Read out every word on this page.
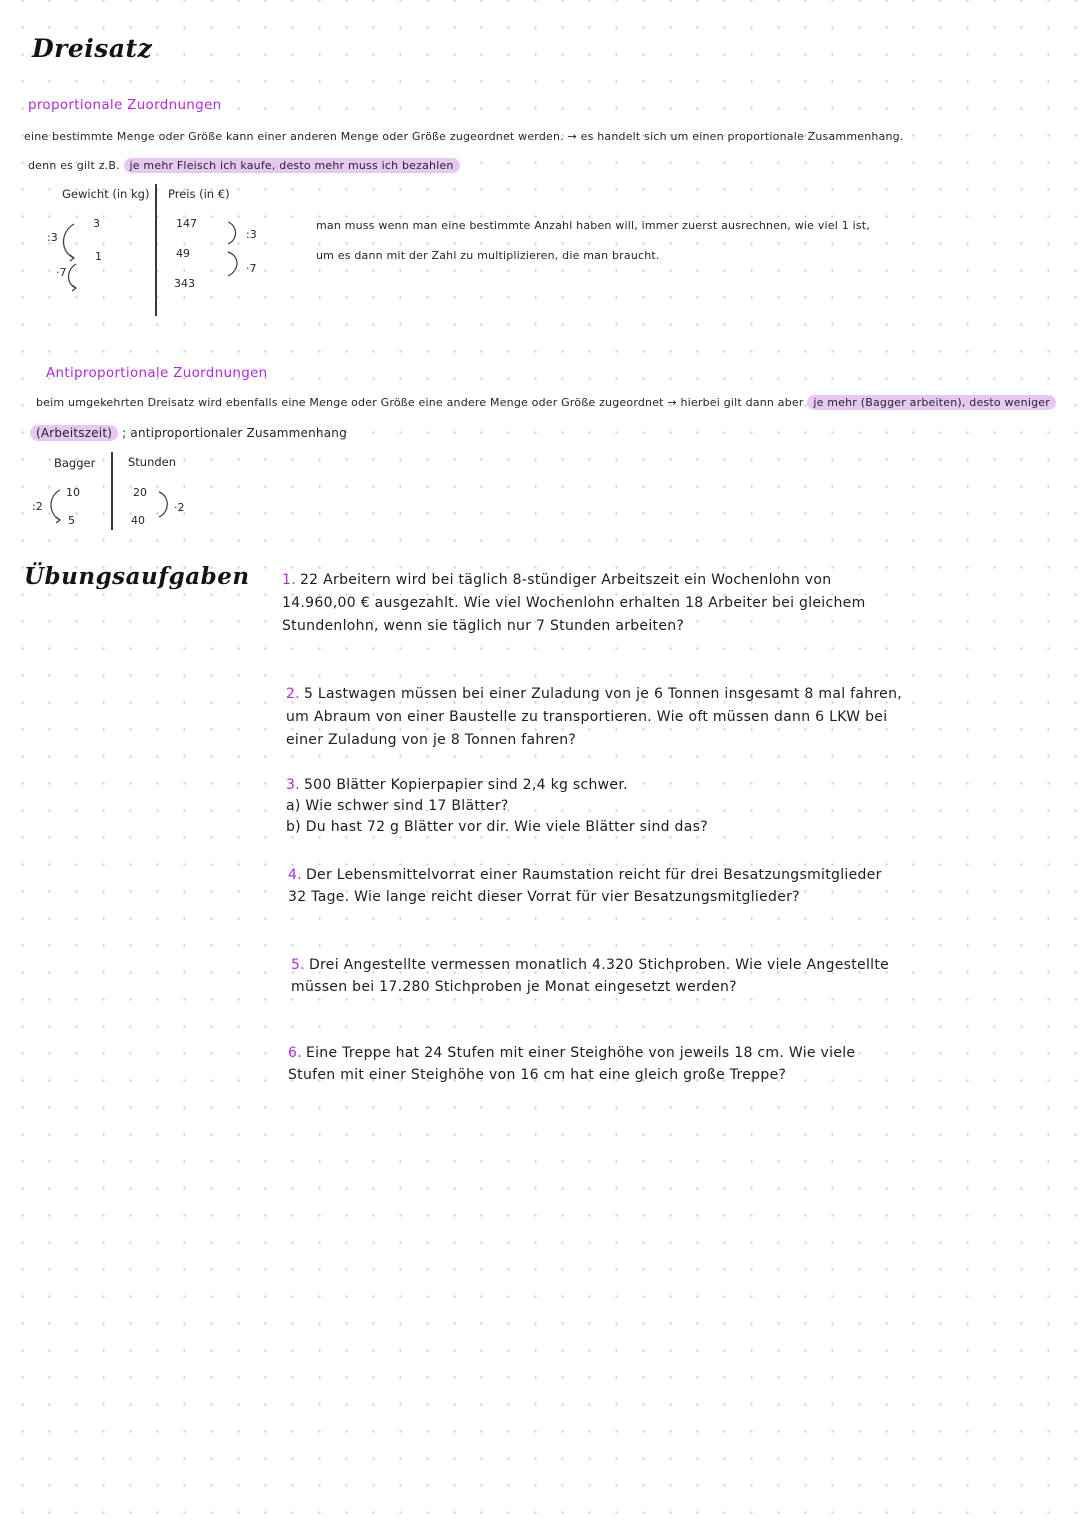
Dreisatz
proportionale Zuordnungen
eine bestimmte Menge oder Größe kann einer anderen Menge oder Größe zugeordnet werden. → es handelt sich um einen proportionale Zusammenhang.
denn es gilt z.B. je mehr Fleisch ich kaufe, desto mehr muss ich bezahlen
Gewicht (in kg) Preis (in €)
3
1
:3
·7
147
49
343
:3
·7
man muss wenn man eine bestimmte Anzahl haben will, immer zuerst ausrechnen, wie viel 1 ist,
um es dann mit der Zahl zu multiplizieren, die man braucht.
Antiproportionale Zuordnungen
beim umgekehrten Dreisatz wird ebenfalls eine Menge oder Größe eine andere Menge oder Größe zugeordnet → hierbei gilt dann aber je mehr (Bagger arbeiten), desto weniger
(Arbeitszeit) ; antiproportionaler Zusammenhang
Bagger	Stunden
10
5
:2
20
40
·2
Übungsaufgaben 1. 22 Arbeitern wird bei täglich 8-stündiger Arbeitszeit ein Wochenlohn von
14.960,00 € ausgezahlt. Wie viel Wochenlohn erhalten 18 Arbeiter bei gleichem
Stundenlohn, wenn sie täglich nur 7 Stunden arbeiten?
2. 5 Lastwagen müssen bei einer Zuladung von je 6 Tonnen insgesamt 8 mal fahren,
um Abraum von einer Baustelle zu transportieren. Wie oft müssen dann 6 LKW bei
einer Zuladung von je 8 Tonnen fahren?
3. 500 Blätter Kopierpapier sind 2,4 kg schwer.
a) Wie schwer sind 17 Blätter?
b) Du hast 72 g Blätter vor dir. Wie viele Blätter sind das?
4. Der Lebensmittelvorrat einer Raumstation reicht für drei Besatzungsmitglieder
32 Tage. Wie lange reicht dieser Vorrat für vier Besatzungsmitglieder?
5. Drei Angestellte vermessen monatlich 4.320 Stichproben. Wie viele Angestellte
müssen bei 17.280 Stichproben je Monat eingesetzt werden?
6. Eine Treppe hat 24 Stufen mit einer Steighöhe von jeweils 18 cm. Wie viele
Stufen mit einer Steighöhe von 16 cm hat eine gleich große Treppe?
